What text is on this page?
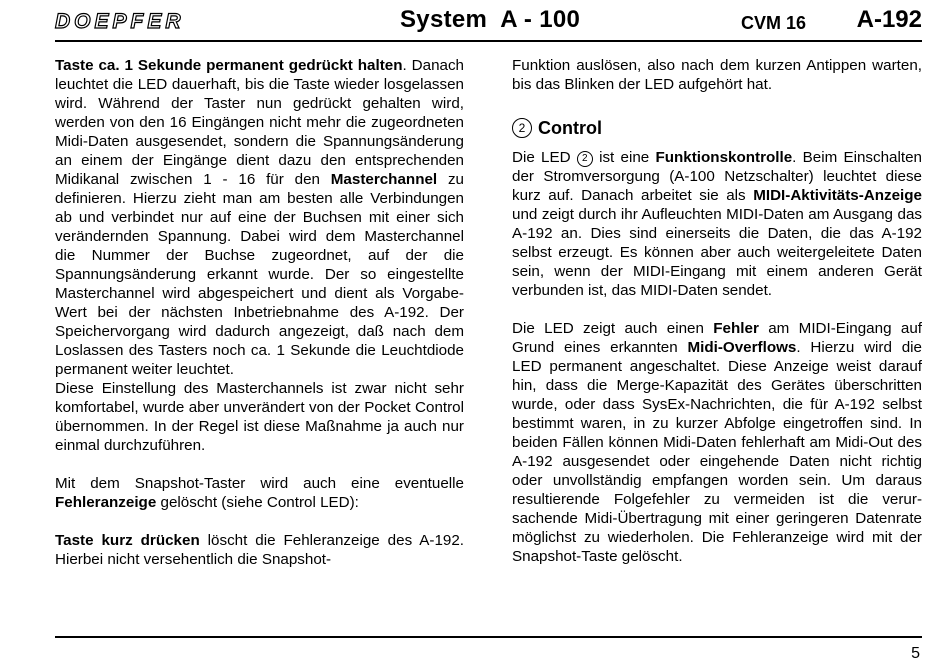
DOEPFER	System  A - 100	CVM 16 A-192

Taste ca. 1 Sekunde permanent gedrückt halten. Danach leuchtet die LED dauerhaft, bis die Taste wieder losgelassen wird. Während der Taster nun gedrückt gehalten wird, werden von den 16 Eingängen nicht mehr die zugeordneten Midi-Daten ausgesendet, sondern die Spannungsänderung an einem der Eingänge dient dazu den entsprechenden Midikanal zwischen 1 - 16 für den Masterchannel zu definieren. Hierzu zieht man am besten alle Verbindungen ab und verbindet nur auf eine der Buchsen mit einer sich verändernden Spannung. Dabei wird dem Masterchannel die Nummer der Buchse zugeordnet, auf der die Spannungsänderung erkannt wurde. Der so eingestellte Masterchannel wird abgespeichert und dient als Vorgabe-Wert bei der nächsten Inbetriebnahme des A-192. Der Speichervorgang wird dadurch angezeigt, daß nach dem Loslassen des Tasters noch ca. 1 Sekunde die Leuchtdiode permanent weiter leuchtet.

Diese Einstellung des Masterchannels ist zwar nicht sehr komfortabel, wurde aber unverändert von der Pocket Control übernommen. In der Regel ist diese Maßnahme ja auch nur einmal durchzuführen.

Mit dem Snapshot-Taster wird auch eine eventuelle Fehleranzeige gelöscht (siehe Control LED):

Taste kurz drücken löscht die Fehleranzeige des A-192. Hierbei nicht versehentlich die Snapshot-

Funktion auslösen, also nach dem kurzen Antippen warten, bis das Blinken der LED aufgehört hat.

2 Control

Die LED 2 ist eine Funktionskontrolle. Beim Einschalten der Stromversorgung (A-100 Netzschalter) leuchtet diese kurz auf. Danach arbeitet sie als MIDI-Aktivitäts-Anzeige und zeigt durch ihr Aufleuchten MIDI-Daten am Ausgang das A-192 an. Dies sind einerseits die Daten, die das A-192 selbst erzeugt. Es können aber auch weitergeleitete Daten sein, wenn der MIDI-Eingang mit einem anderen Gerät verbunden ist, das MIDI-Daten sendet.

Die LED zeigt auch einen Fehler am MIDI-Eingang auf Grund eines erkannten Midi-Overflows. Hierzu wird die LED permanent angeschaltet. Diese Anzeige weist darauf hin, dass die Merge-Kapazität des Gerätes überschritten wurde, oder dass SysEx-Nachrichten, die für A-192 selbst bestimmt waren, in zu kurzer Abfolge eingetroffen sind. In beiden Fällen können Midi-Daten fehlerhaft am Midi-Out des A-192 ausgesendet oder eingehende Daten nicht richtig oder unvollständig empfangen worden sein. Um daraus resultierende Folgefehler zu vermeiden ist die verursachende Midi-Übertragung mit einer geringeren Datenrate möglichst zu wiederholen. Die Fehleranzeige wird mit der Snapshot-Taste gelöscht.

5
